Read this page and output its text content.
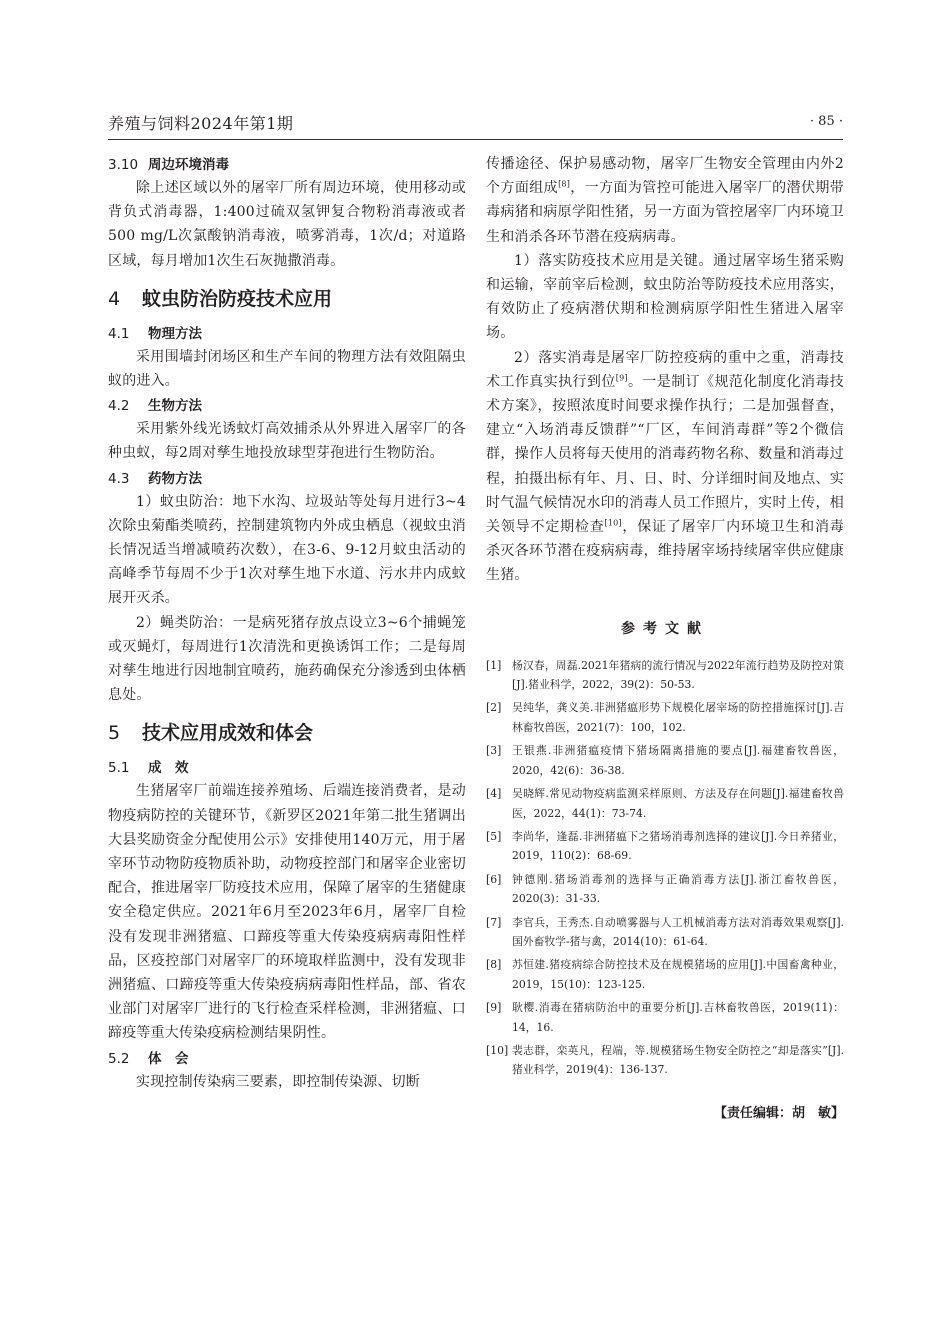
养殖与饲料2024年第1期	· 85 ·
3.10 周边环境消毒

除上述区域以外的屠宰厂所有周边环境，使用移动或背负式消毒器，1:400过硫双氢钾复合物粉消毒液或者500 mg/L次氯酸钠消毒液，喷雾消毒，1次/d；对道路区域，每月增加1次生石灰抛撒消毒。

4 蚊虫防治防疫技术应用
4.1 物理方法

采用围墙封闭场区和生产车间的物理方法有效阻隔虫蚁的进入。

4.2 生物方法

采用紫外线光诱蚊灯高效捕杀从外界进入屠宰厂的各种虫蚁，每2周对孳生地投放球型芽孢进行生物防治。

4.3 药物方法

1）蚊虫防治：地下水沟、垃圾站等处每月进行3~4次除虫菊酯类喷药，控制建筑物内外成虫栖息（视蚊虫消长情况适当增减喷药次数），在3-6、9-12月蚊虫活动的高峰季节每周不少于1次对孳生地下水道、污水井内成蚊展开灭杀。

2）蝇类防治：一是病死猪存放点设立3~6个捕蝇笼或灭蝇灯，每周进行1次清洗和更换诱饵工作；二是每周对孳生地进行因地制宜喷药，施药确保充分渗透到虫体栖息处。

5 技术应用成效和体会
5.1 成　效

生猪屠宰厂前端连接养殖场、后端连接消费者，是动物疫病防控的关键环节，《新罗区2021年第二批生猪调出大县奖励资金分配使用公示》安排使用140万元，用于屠宰环节动物防疫物质补助，动物疫控部门和屠宰企业密切配合，推进屠宰厂防疫技术应用，保障了屠宰的生猪健康安全稳定供应。2021年6月至2023年6月，屠宰厂自检没有发现非洲猪瘟、口蹄疫等重大传染疫病病毒阳性样品，区疫控部门对屠宰厂的环境取样监测中，没有发现非洲猪瘟、口蹄疫等重大传染疫病病毒阳性样品，部、省农业部门对屠宰厂进行的飞行检查采样检测，非洲猪瘟、口蹄疫等重大传染疫病检测结果阴性。

5.2 体　会

实现控制传染病三要素，即控制传染源、切断

传播途径、保护易感动物，屠宰厂生物安全管理由内外2个方面组成[8]，一方面为管控可能进入屠宰厂的潜伏期带毒病猪和病原学阳性猪，另一方面为管控屠宰厂内环境卫生和消杀各环节潜在疫病病毒。

1）落实防疫技术应用是关键。通过屠宰场生猪采购和运输，宰前宰后检测，蚊虫防治等防疫技术应用落实，有效防止了疫病潜伏期和检测病原学阳性生猪进入屠宰场。

2）落实消毒是屠宰厂防控疫病的重中之重，消毒技术工作真实执行到位[9]。一是制订《规范化制度化消毒技术方案》，按照浓度时间要求操作执行；二是加强督查，建立“入场消毒反馈群”“厂区，车间消毒群”等2个微信群，操作人员将每天使用的消毒药物名称、数量和消毒过程，拍摄出标有年、月、日、时、分详细时间及地点、实时气温气候情况水印的消毒人员工作照片，实时上传，相关领导不定期检查[10]，保证了屠宰厂内环境卫生和消毒杀灭各环节潜在疫病病毒，维持屠宰场持续屠宰供应健康生猪。

参考文献
[1] 杨汉春，周磊.2021年猪病的流行情况与2022年流行趋势及防控对策[J].猪业科学，2022，39(2)：50-53.
[2] 吴纯华，龚义美.非洲猪瘟形势下规模化屠宰场的防控措施探讨[J].吉林畜牧兽医，2021(7)：100，102.
[3] 王银燕.非洲猪瘟疫情下猪场隔离措施的要点[J].福建畜牧兽医，2020，42(6)：36-38.
[4] 吴晓辉.常见动物疫病监测采样原则、方法及存在问题[J].福建畜牧兽医，2022，44(1)：73-74.
[5] 李尚华，逢磊.非洲猪瘟下之猪场消毒剂选择的建议[J].今日养猪业，2019，110(2)：68-69.
[6] 钟德刚.猪场消毒剂的选择与正确消毒方法[J].浙江畜牧兽医，2020(3)：31-33.
[7] 李官兵，王秀杰.自动喷雾器与人工机械消毒方法对消毒效果观察[J].国外畜牧学-猪与禽，2014(10)：61-64.
[8] 苏恒建.猪疫病综合防控技术及在规模猪场的应用[J].中国畜禽种业，2019，15(10)：123-125.
[9] 耿樱.消毒在猪病防治中的重要分析[J].吉林畜牧兽医，2019(11)：14，16.
[10] 裴志群，栾英凡，程端，等.规模猪场生物安全防控之“却是落实”[J].猪业科学，2019(4)：136-137.
【责任编辑：胡　敏】
